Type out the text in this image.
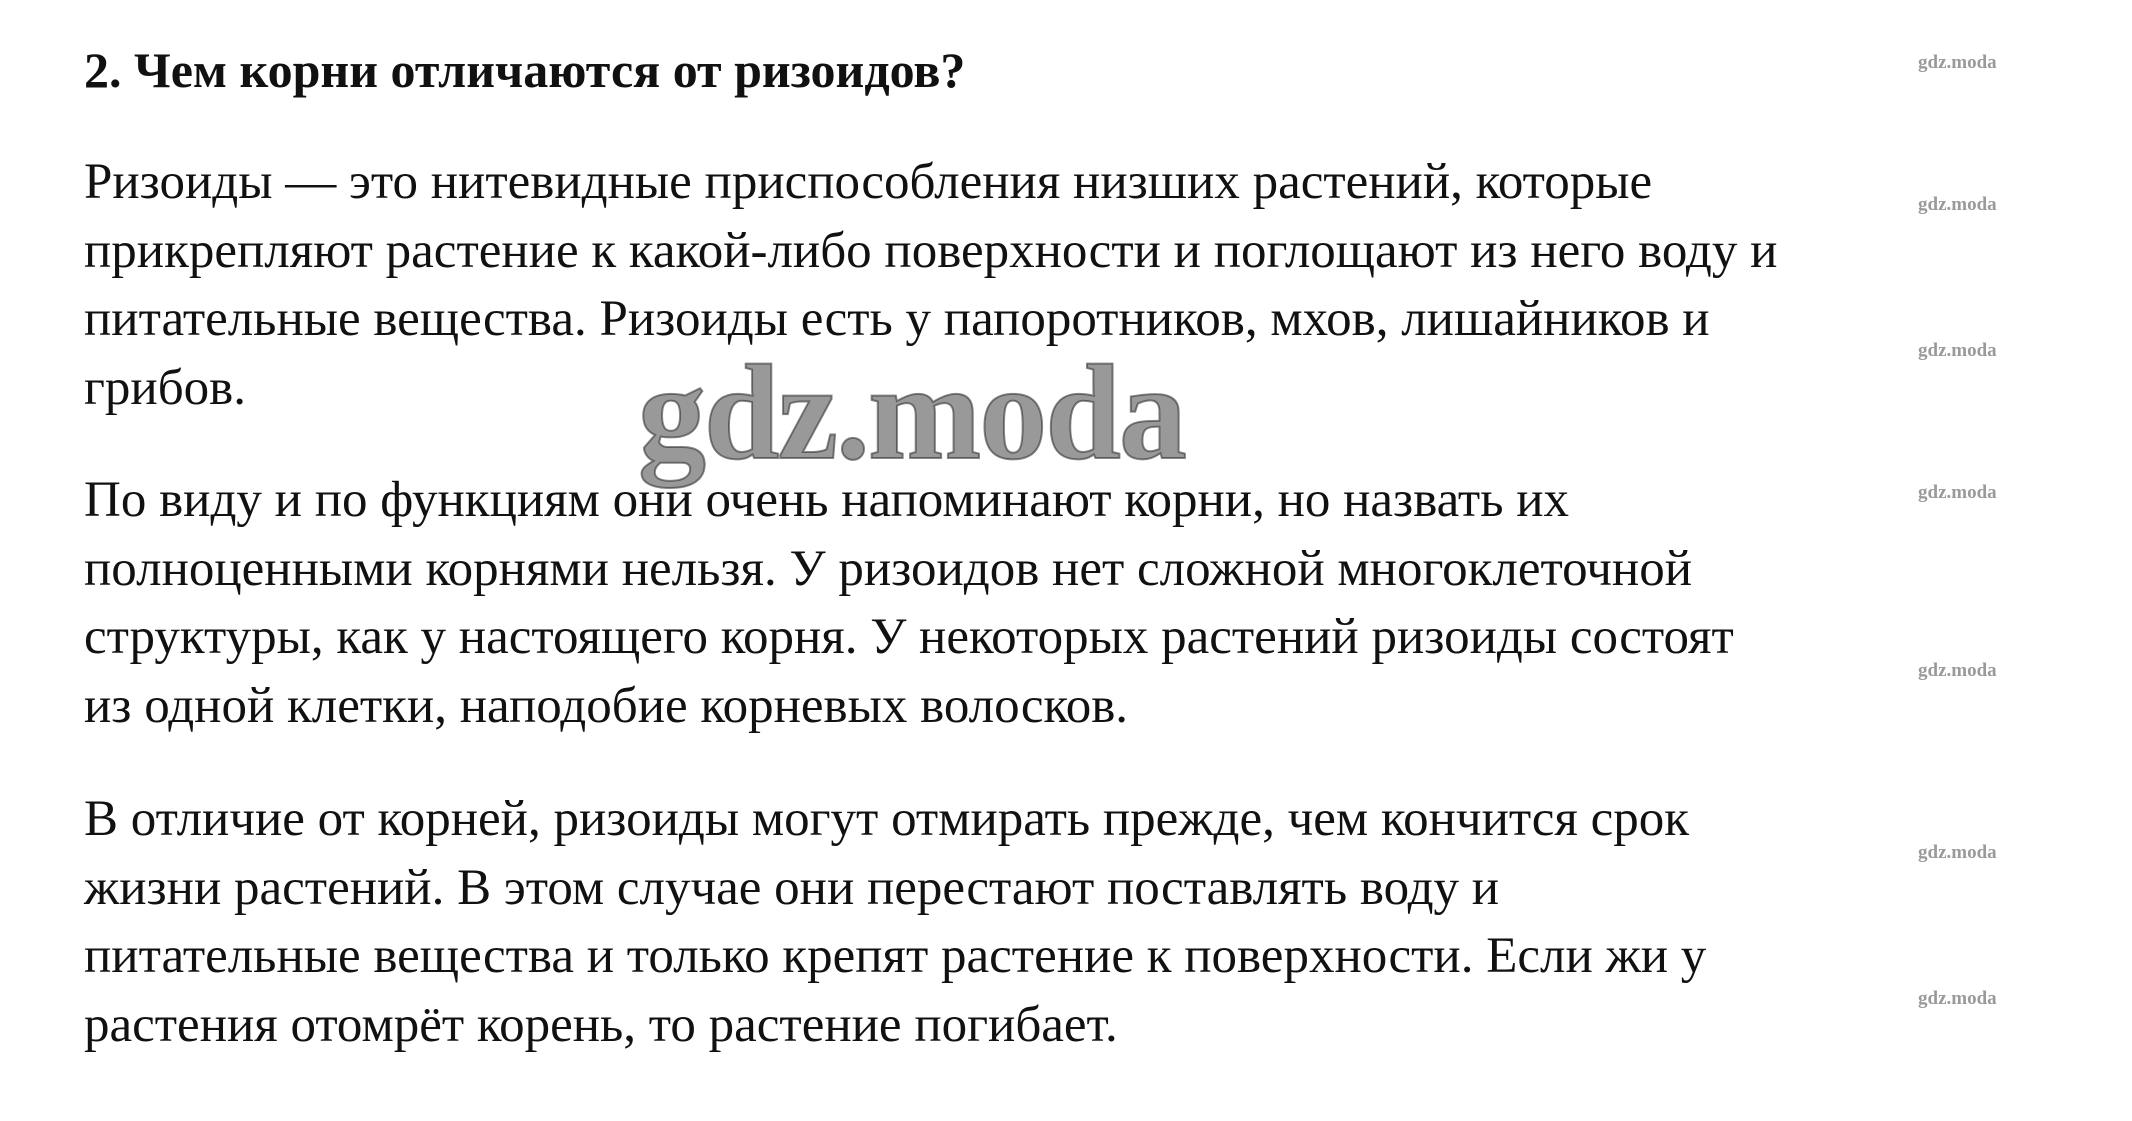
2. Чем корни отличаются от ризоидов?

Ризоиды — это нитевидные приспособления низших растений, которые
прикрепляют растение к какой-либо поверхности и поглощают из него воду и
питательные вещества. Ризоиды есть у папоротников, мхов, лишайников и
грибов.

По виду и по функциям они очень напоминают корни, но назвать их
полноценными корнями нельзя. У ризоидов нет сложной многоклеточной
структуры, как у настоящего корня. У некоторых растений ризоиды состоят
из одной клетки, наподобие корневых волосков.

В отличие от корней, ризоиды могут отмирать прежде, чем кончится срок
жизни растений. В этом случае они перестают поставлять воду и
питательные вещества и только крепят растение к поверхности. Если жи у
растения отомрёт корень, то растение погибает.

gdz.moda
gdz.moda
gdz.moda
gdz.moda
gdz.moda
gdz.moda
gdz.moda
gdz.moda
